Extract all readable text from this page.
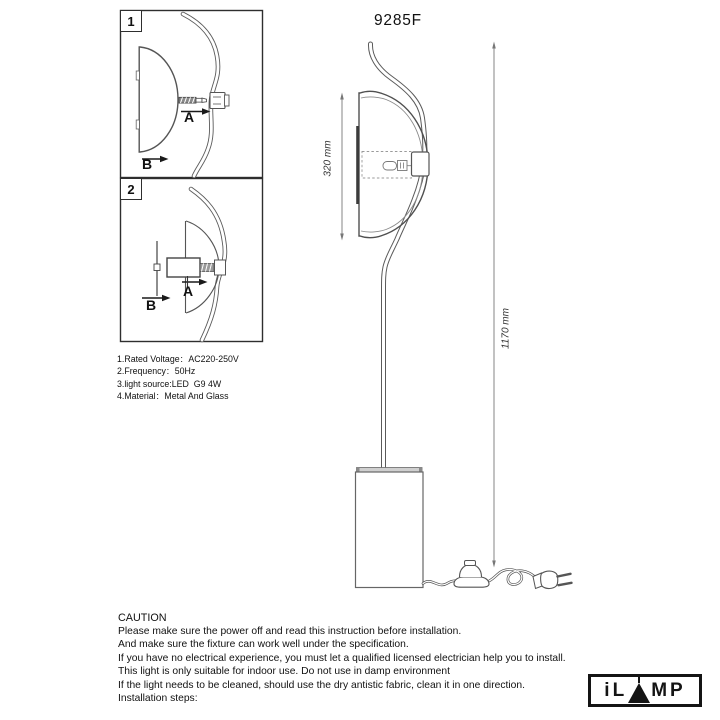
9285F
1
2
A
B
A
B
1.Rated Voltage：AC220-250V
2.Frequency：50Hz
3.light source:LED  G9 4W
4.Material：Metal And Glass
320 mm
1170 mm
CAUTION
Please make sure the power off and read this instruction before installation.
And make sure the fixture can work well under the specification.
If you have no electrical experience, you must let a qualified licensed electrician help you to install.
This light is only suitable for indoor use. Do not use in damp environment
If the light needs to be cleaned, should use the dry antistic fabric, clean it in one direction.
Installation steps:	iL MP
